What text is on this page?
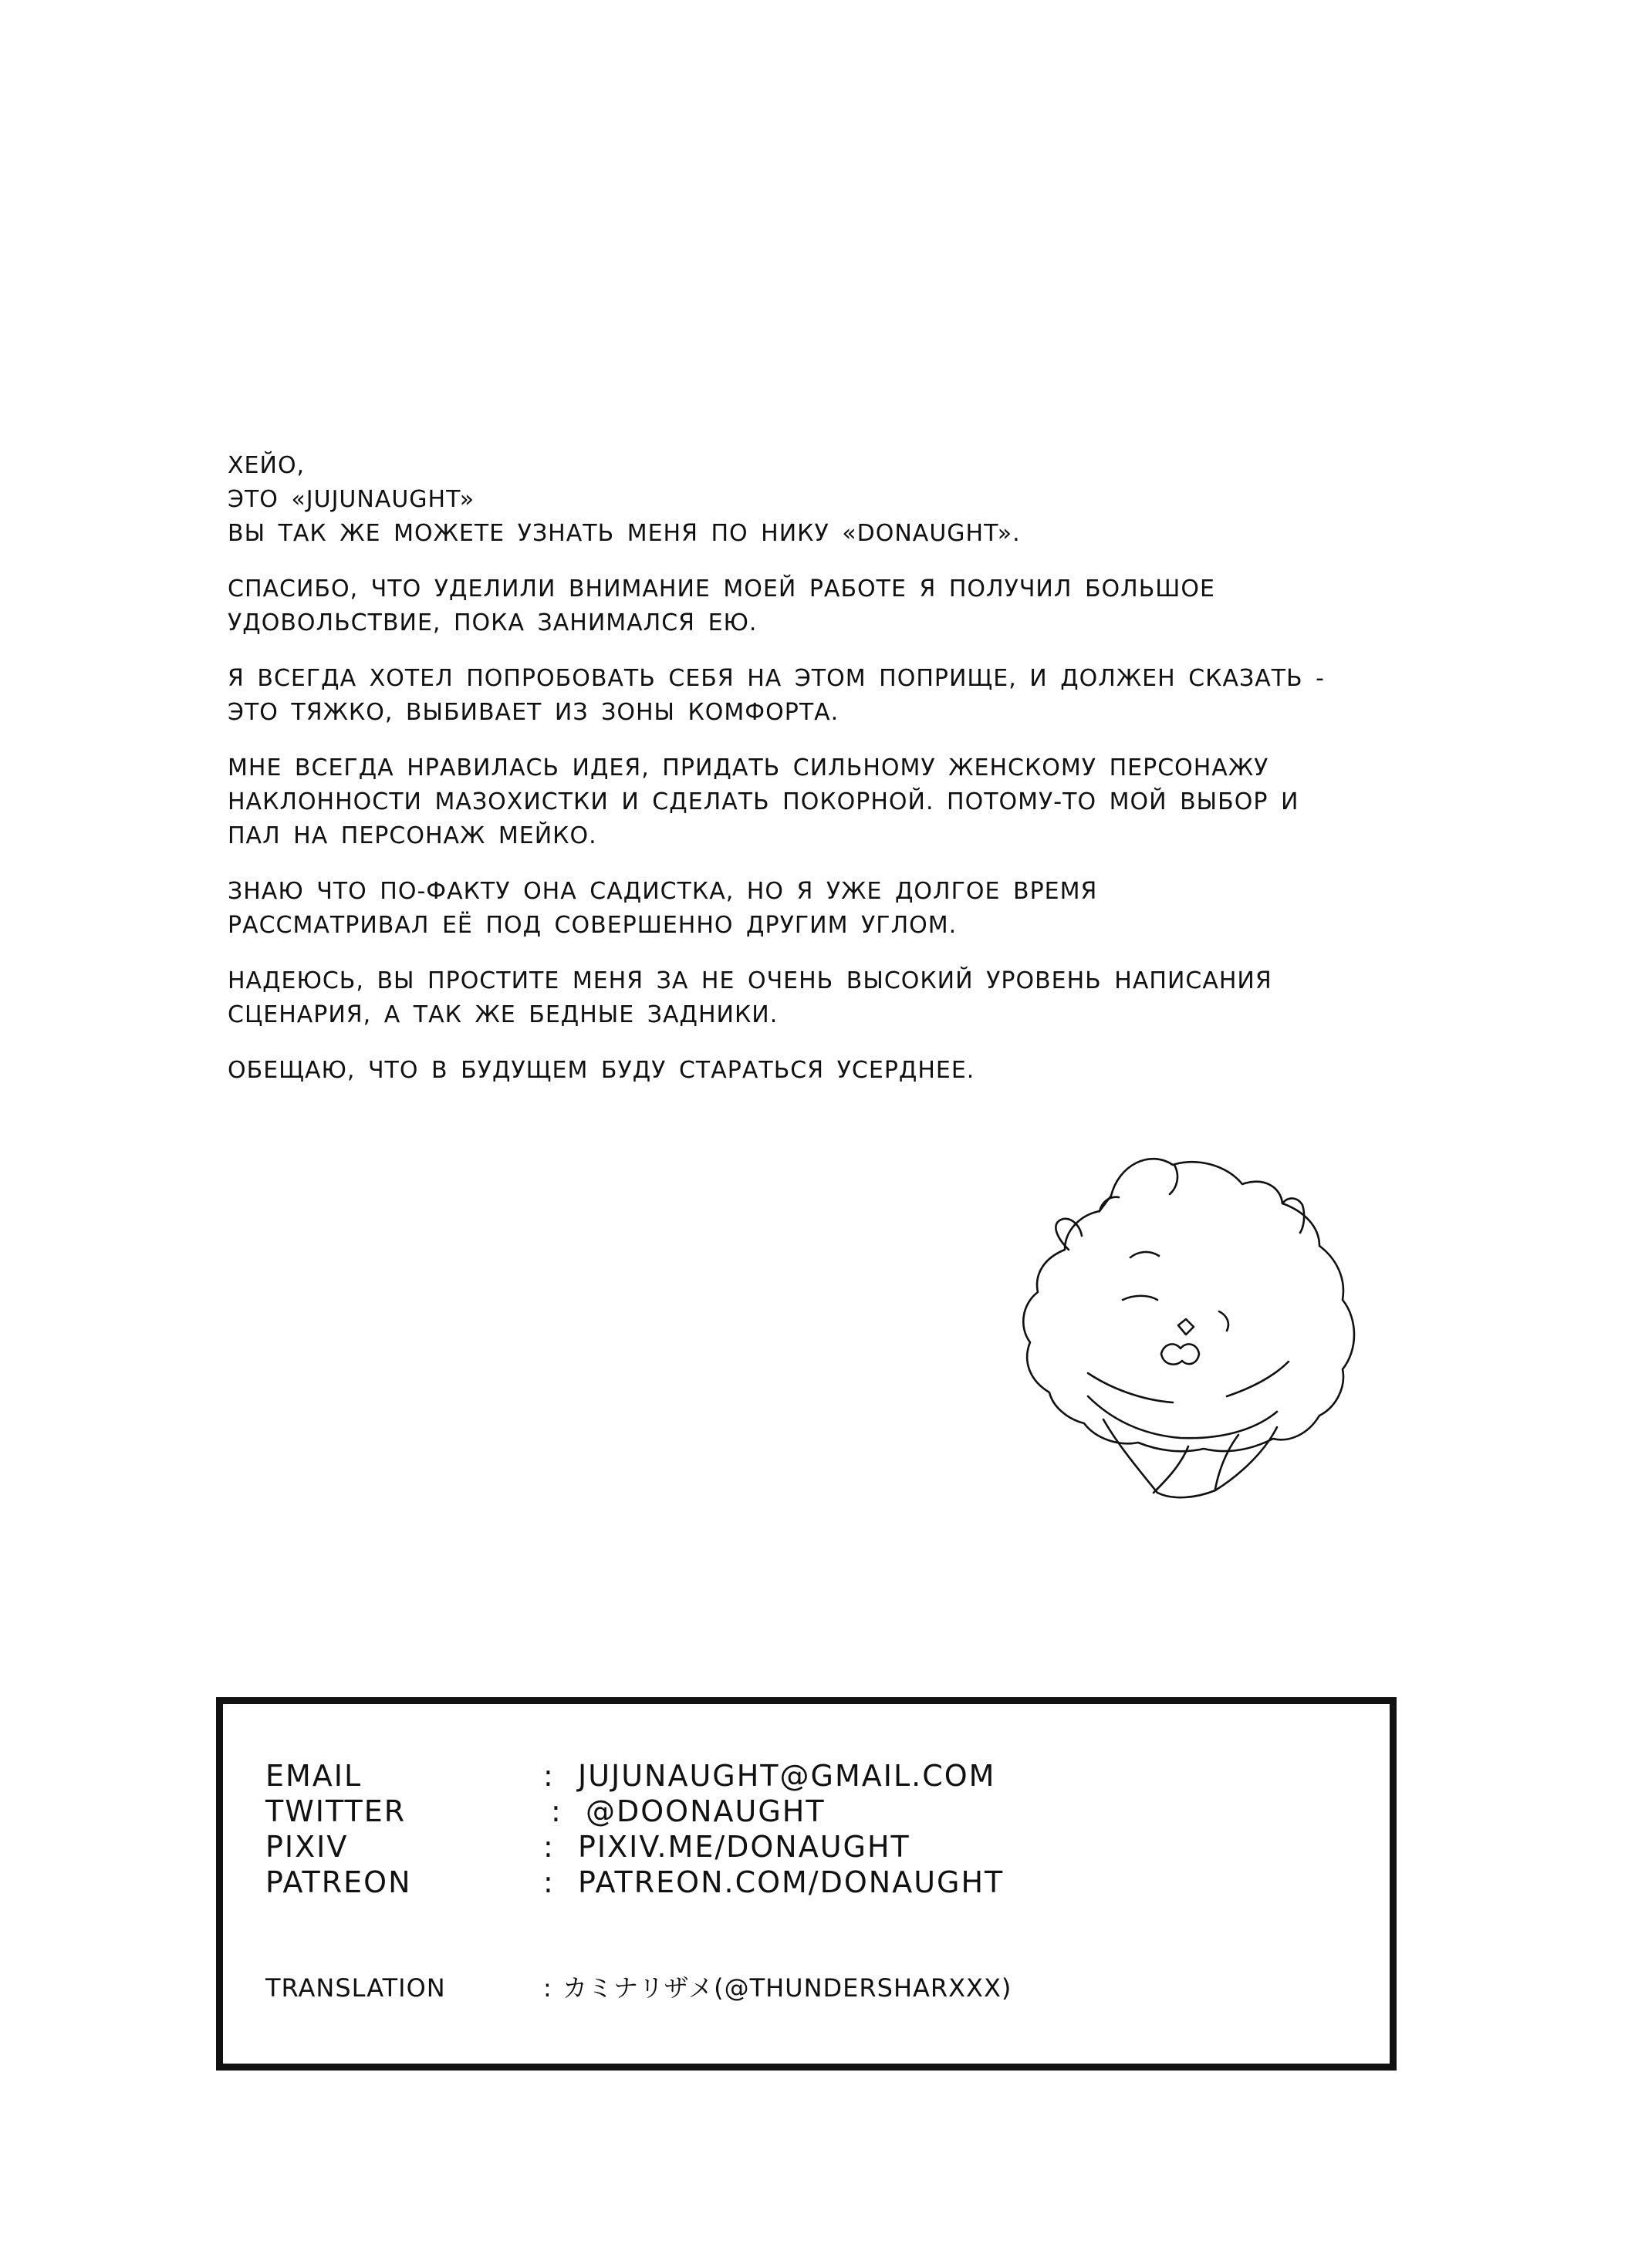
ХЕЙО,
ЭТО «JUJUNAUGHT»
ВЫ ТАК ЖЕ МОЖЕТЕ УЗНАТЬ МЕНЯ ПО НИКУ «DONAUGHT».

СПАСИБО, ЧТО УДЕЛИЛИ ВНИМАНИЕ МОЕЙ РАБОТЕ Я ПОЛУЧИЛ БОЛЬШОЕ
УДОВОЛЬСТВИЕ, ПОКА ЗАНИМАЛСЯ ЕЮ.

Я ВСЕГДА ХОТЕЛ ПОПРОБОВАТЬ СЕБЯ НА ЭТОМ ПОПРИЩЕ, И ДОЛЖЕН СКАЗАТЬ -
ЭТО ТЯЖКО, ВЫБИВАЕТ ИЗ ЗОНЫ КОМФОРТА.

МНЕ ВСЕГДА НРАВИЛАСЬ ИДЕЯ, ПРИДАТЬ СИЛЬНОМУ ЖЕНСКОМУ ПЕРСОНАЖУ
НАКЛОННОСТИ МАЗОХИСТКИ И СДЕЛАТЬ ПОКОРНОЙ. ПОТОМУ-ТО МОЙ ВЫБОР И
ПАЛ НА ПЕРСОНАЖ МЕЙКО.

ЗНАЮ ЧТО ПО-ФАКТУ ОНА САДИСТКА, НО Я УЖЕ ДОЛГОЕ ВРЕМЯ
РАССМАТРИВАЛ ЕЁ ПОД СОВЕРШЕННО ДРУГИМ УГЛОМ.

НАДЕЮСЬ, ВЫ ПРОСТИТЕ МЕНЯ ЗА НЕ ОЧЕНЬ ВЫСОКИЙ УРОВЕНЬ НАПИСАНИЯ
СЦЕНАРИЯ, А ТАК ЖЕ БЕДНЫЕ ЗАДНИКИ.

ОБЕЩАЮ, ЧТО В БУДУЩЕМ БУДУ СТАРАТЬСЯ УСЕРДНЕЕ.

EMAIL	: JUJUNAUGHT@GMAIL.COM
TWITTER	: @DOONAUGHT
PIXIV	: PIXIV.ME/DONAUGHT
PATREON	: PATREON.COM/DONAUGHT
TRANSLATION	: カミナリザメ(@THUNDERSHARXXX)
